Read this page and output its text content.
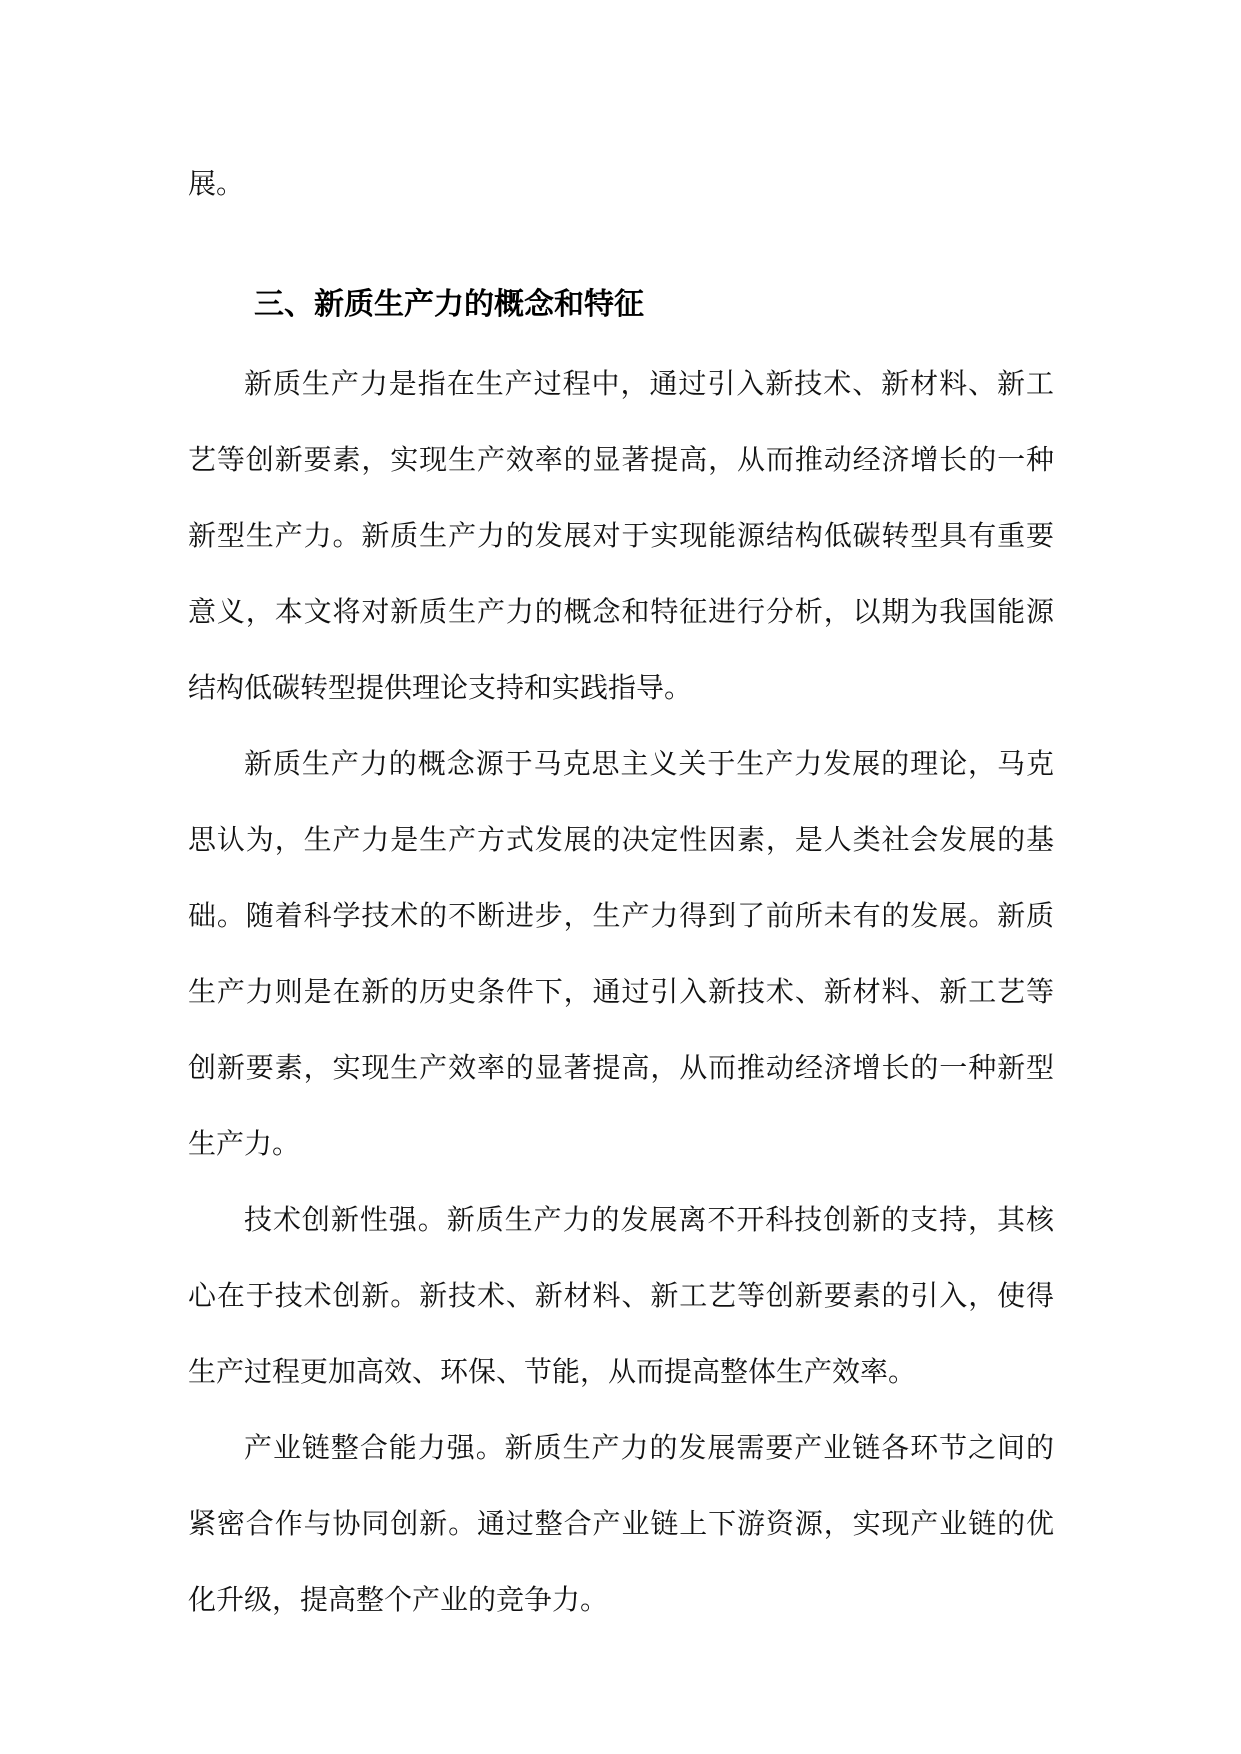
展。

三、新质生产力的概念和特征

新质生产力是指在生产过程中，通过引入新技术、新材料、新工艺等创新要素，实现生产效率的显著提高，从而推动经济增长的一种新型生产力。新质生产力的发展对于实现能源结构低碳转型具有重要意义，本文将对新质生产力的概念和特征进行分析，以期为我国能源结构低碳转型提供理论支持和实践指导。

新质生产力的概念源于马克思主义关于生产力发展的理论，马克思认为，生产力是生产方式发展的决定性因素，是人类社会发展的基础。随着科学技术的不断进步，生产力得到了前所未有的发展。新质生产力则是在新的历史条件下，通过引入新技术、新材料、新工艺等创新要素，实现生产效率的显著提高，从而推动经济增长的一种新型生产力。

技术创新性强。新质生产力的发展离不开科技创新的支持，其核心在于技术创新。新技术、新材料、新工艺等创新要素的引入，使得生产过程更加高效、环保、节能，从而提高整体生产效率。

产业链整合能力强。新质生产力的发展需要产业链各环节之间的紧密合作与协同创新。通过整合产业链上下游资源，实现产业链的优化升级，提高整个产业的竞争力。
